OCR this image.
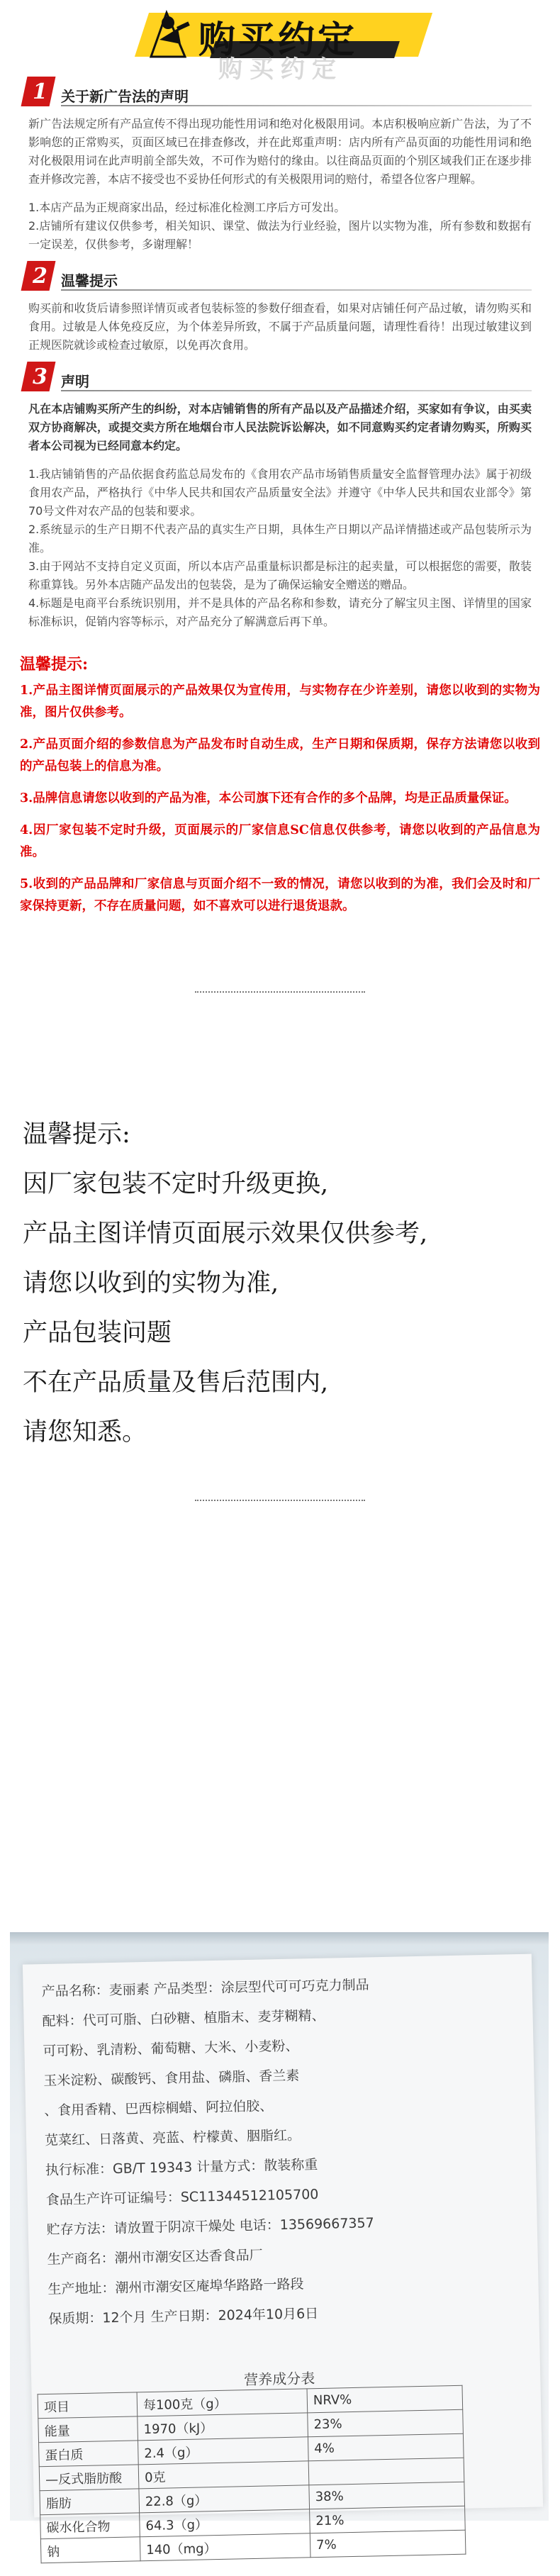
购买约定
购买约定
1 关于新广告法的声明

新广告法规定所有产品宣传不得出现功能性用词和绝对化极限用词。本店积极响应新广告法，为了不影响您的正常购买，页面区域已在排查修改，并在此郑重声明：店内所有产品页面的功能性用词和绝对化极限用词在此声明前全部失效，不可作为赔付的缘由。以往商品页面的个别区域我们正在逐步排查并修改完善，本店不接受也不妥协任何形式的有关极限用词的赔付，希望各位客户理解。

1.本店产品为正规商家出品，经过标准化检测工序后方可发出。

2.店铺所有建议仅供参考，相关知识、课堂、做法为行业经验，图片以实物为准，所有参数和数据有一定误差，仅供参考，多谢理解！

2 温馨提示

购买前和收货后请参照详情页或者包装标签的参数仔细查看，如果对店铺任何产品过敏，请勿购买和食用。过敏是人体免疫反应，为个体差异所致，不属于产品质量问题，请理性看待！出现过敏建议到正规医院就诊或检查过敏原，以免再次食用。

3 声明

凡在本店铺购买所产生的纠纷，对本店铺销售的所有产品以及产品描述介绍，买家如有争议，由买卖双方协商解决，或提交卖方所在地烟台市人民法院诉讼解决，如不同意购买约定者请勿购买，所购买者本公司视为已经同意本约定。

1.我店铺销售的产品依据食药监总局发布的《食用农产品市场销售质量安全监督管理办法》属于初级食用农产品，严格执行《中华人民共和国农产品质量安全法》并遵守《中华人民共和国农业部令》第70号文件对农产品的包装和要求。

2.系统显示的生产日期不代表产品的真实生产日期，具体生产日期以产品详情描述或产品包装所示为准。

3.由于网站不支持自定义页面，所以本店产品重量标识都是标注的起卖量，可以根据您的需要，散装称重算钱。另外本店随产品发出的包装袋，是为了确保运输安全赠送的赠品。

4.标题是电商平台系统识别用，并不是具体的产品名称和参数，请充分了解宝贝主图、详情里的国家标准标识，促销内容等标示，对产品充分了解满意后再下单。

温馨提示:

1.产品主图详情页面展示的产品效果仅为宣传用，与实物存在少许差别，请您以收到的实物为准，图片仅供参考。

2.产品页面介绍的参数信息为产品发布时自动生成，生产日期和保质期，保存方法请您以收到的产品包装上的信息为准。

3.品牌信息请您以收到的产品为准，本公司旗下还有合作的多个品牌，均是正品质量保证。

4.因厂家包装不定时升级，页面展示的厂家信息SC信息仅供参考，请您以收到的产品信息为准。

5.收到的产品品牌和厂家信息与页面介绍不一致的情况，请您以收到的为准，我们会及时和厂家保持更新，不存在质量问题，如不喜欢可以进行退货退款。

温馨提示:
因厂家包装不定时升级更换,
产品主图详情页面展示效果仅供参考,
请您以收到的实物为准,
产品包装问题
不在产品质量及售后范围内,
请您知悉。
产品名称：麦丽素 产品类型：涂层型代可可巧克力制品
配料：代可可脂、白砂糖、植脂末、麦芽糊精、
可可粉、乳清粉、葡萄糖、大米、小麦粉、
玉米淀粉、碳酸钙、食用盐、磷脂、香兰素
、食用香精、巴西棕榈蜡、阿拉伯胶、
苋菜红、日落黄、亮蓝、柠檬黄、胭脂红。
执行标准：GB/T 19343 计量方式：散装称重
食品生产许可证编号：SC11344512105700
贮存方法：请放置于阴凉干燥处 电话：13569667357
生产商名：潮州市潮安区达香食品厂
生产地址：潮州市潮安区庵埠华路路一路段
保质期：12个月 生产日期：2024年10月6日
营养成分表
项目	每100克（g）	NRV%
能量	1970（kJ）	23%
蛋白质	2.4（g）	4%
—反式脂肪酸	0克	
脂肪	22.8（g）	38%
碳水化合物	64.3（g）	21%
钠	140（mg）	7%
